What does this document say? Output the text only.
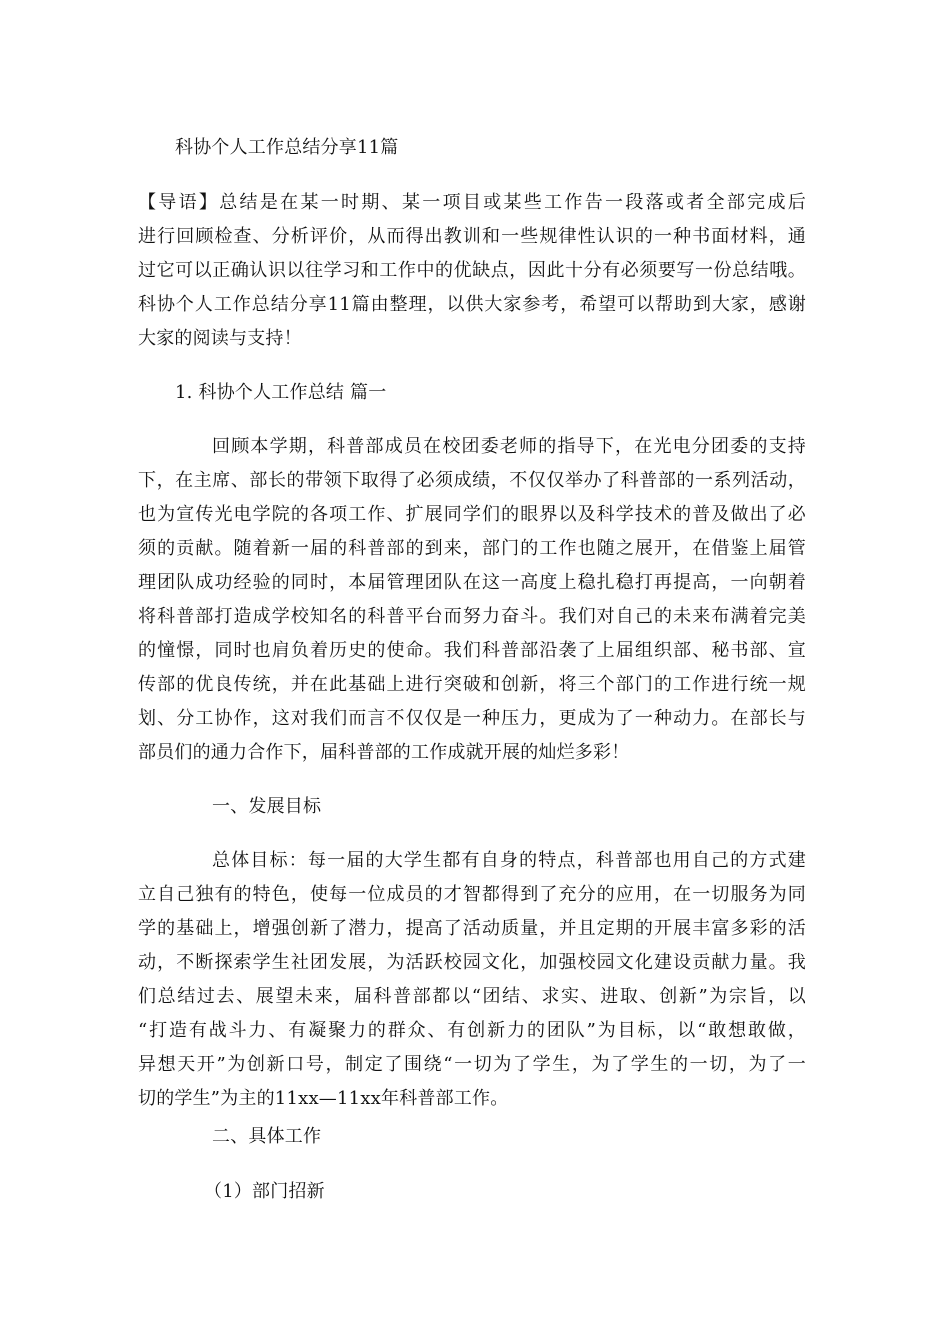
科协个人工作总结分享11篇
【导语】总结是在某一时期、某一项目或某些工作告一段落或者全部完成后
进行回顾检查、分析评价，从而得出教训和一些规律性认识的一种书面材料，通
过它可以正确认识以往学习和工作中的优缺点，因此十分有必须要写一份总结哦。
科协个人工作总结分享11篇由整理，以供大家参考，希望可以帮助到大家，感谢
大家的阅读与支持！
1. 科协个人工作总结 篇一
回顾本学期，科普部成员在校团委老师的指导下，在光电分团委的支持
下，在主席、部长的带领下取得了必须成绩，不仅仅举办了科普部的一系列活动，
也为宣传光电学院的各项工作、扩展同学们的眼界以及科学技术的普及做出了必
须的贡献。随着新一届的科普部的到来，部门的工作也随之展开，在借鉴上届管
理团队成功经验的同时，本届管理团队在这一高度上稳扎稳打再提高，一向朝着
将科普部打造成学校知名的科普平台而努力奋斗。我们对自己的未来布满着完美
的憧憬，同时也肩负着历史的使命。我们科普部沿袭了上届组织部、秘书部、宣
传部的优良传统，并在此基础上进行突破和创新，将三个部门的工作进行统一规
划、分工协作，这对我们而言不仅仅是一种压力，更成为了一种动力。在部长与
部员们的通力合作下，届科普部的工作成就开展的灿烂多彩！
一、发展目标
总体目标：每一届的大学生都有自身的特点，科普部也用自己的方式建
立自己独有的特色，使每一位成员的才智都得到了充分的应用，在一切服务为同
学的基础上，增强创新了潜力，提高了活动质量，并且定期的开展丰富多彩的活
动，不断探索学生社团发展，为活跃校园文化，加强校园文化建设贡献力量。我
们总结过去、展望未来，届科普部都以“团结、求实、进取、创新”为宗旨，以
“打造有战斗力、有凝聚力的群众、有创新力的团队”为目标，以“敢想敢做，
异想天开”为创新口号，制定了围绕“一切为了学生，为了学生的一切，为了一
切的学生”为主的11xx—11xx年科普部工作。
二、具体工作
（1）部门招新
